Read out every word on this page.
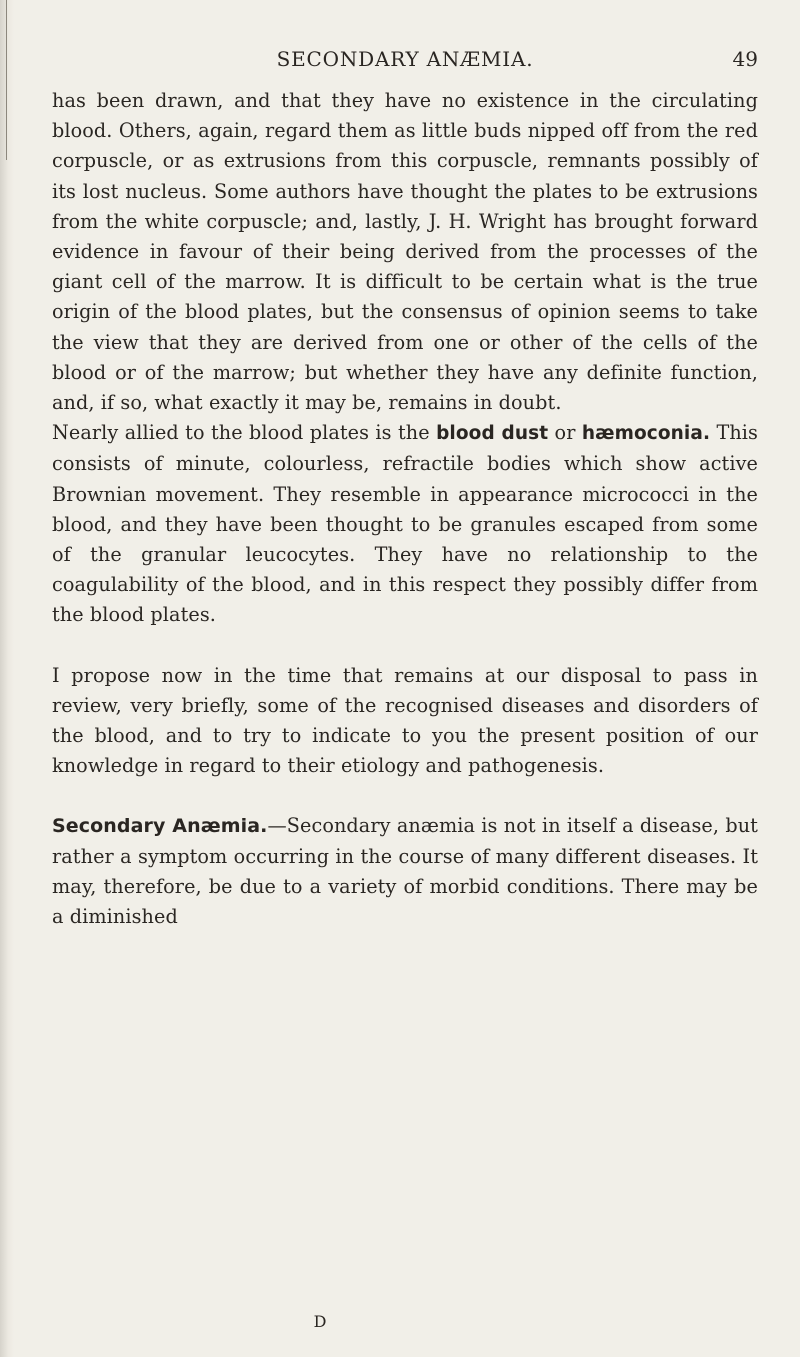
SECONDARY ANÆMIA.	49

has been drawn, and that they have no existence in the circulating blood. Others, again, regard them as little buds nipped off from the red corpuscle, or as extrusions from this corpuscle, remnants possibly of its lost nucleus. Some authors have thought the plates to be extrusions from the white corpuscle; and, lastly, J. H. Wright has brought forward evidence in favour of their being derived from the processes of the giant cell of the marrow. It is difficult to be certain what is the true origin of the blood plates, but the consensus of opinion seems to take the view that they are derived from one or other of the cells of the blood or of the marrow; but whether they have any definite function, and, if so, what exactly it may be, remains in doubt.

Nearly allied to the blood plates is the blood dust or hæmoconia. This consists of minute, colourless, refractile bodies which show active Brownian movement. They resemble in appearance micrococci in the blood, and they have been thought to be granules escaped from some of the granular leucocytes. They have no relationship to the coagulability of the blood, and in this respect they possibly differ from the blood plates.

I propose now in the time that remains at our disposal to pass in review, very briefly, some of the recognised diseases and disorders of the blood, and to try to indicate to you the present position of our knowledge in regard to their etiology and pathogenesis.

Secondary Anæmia.—Secondary anæmia is not in itself a disease, but rather a symptom occurring in the course of many different diseases. It may, therefore, be due to a variety of morbid conditions. There may be a diminished

D
